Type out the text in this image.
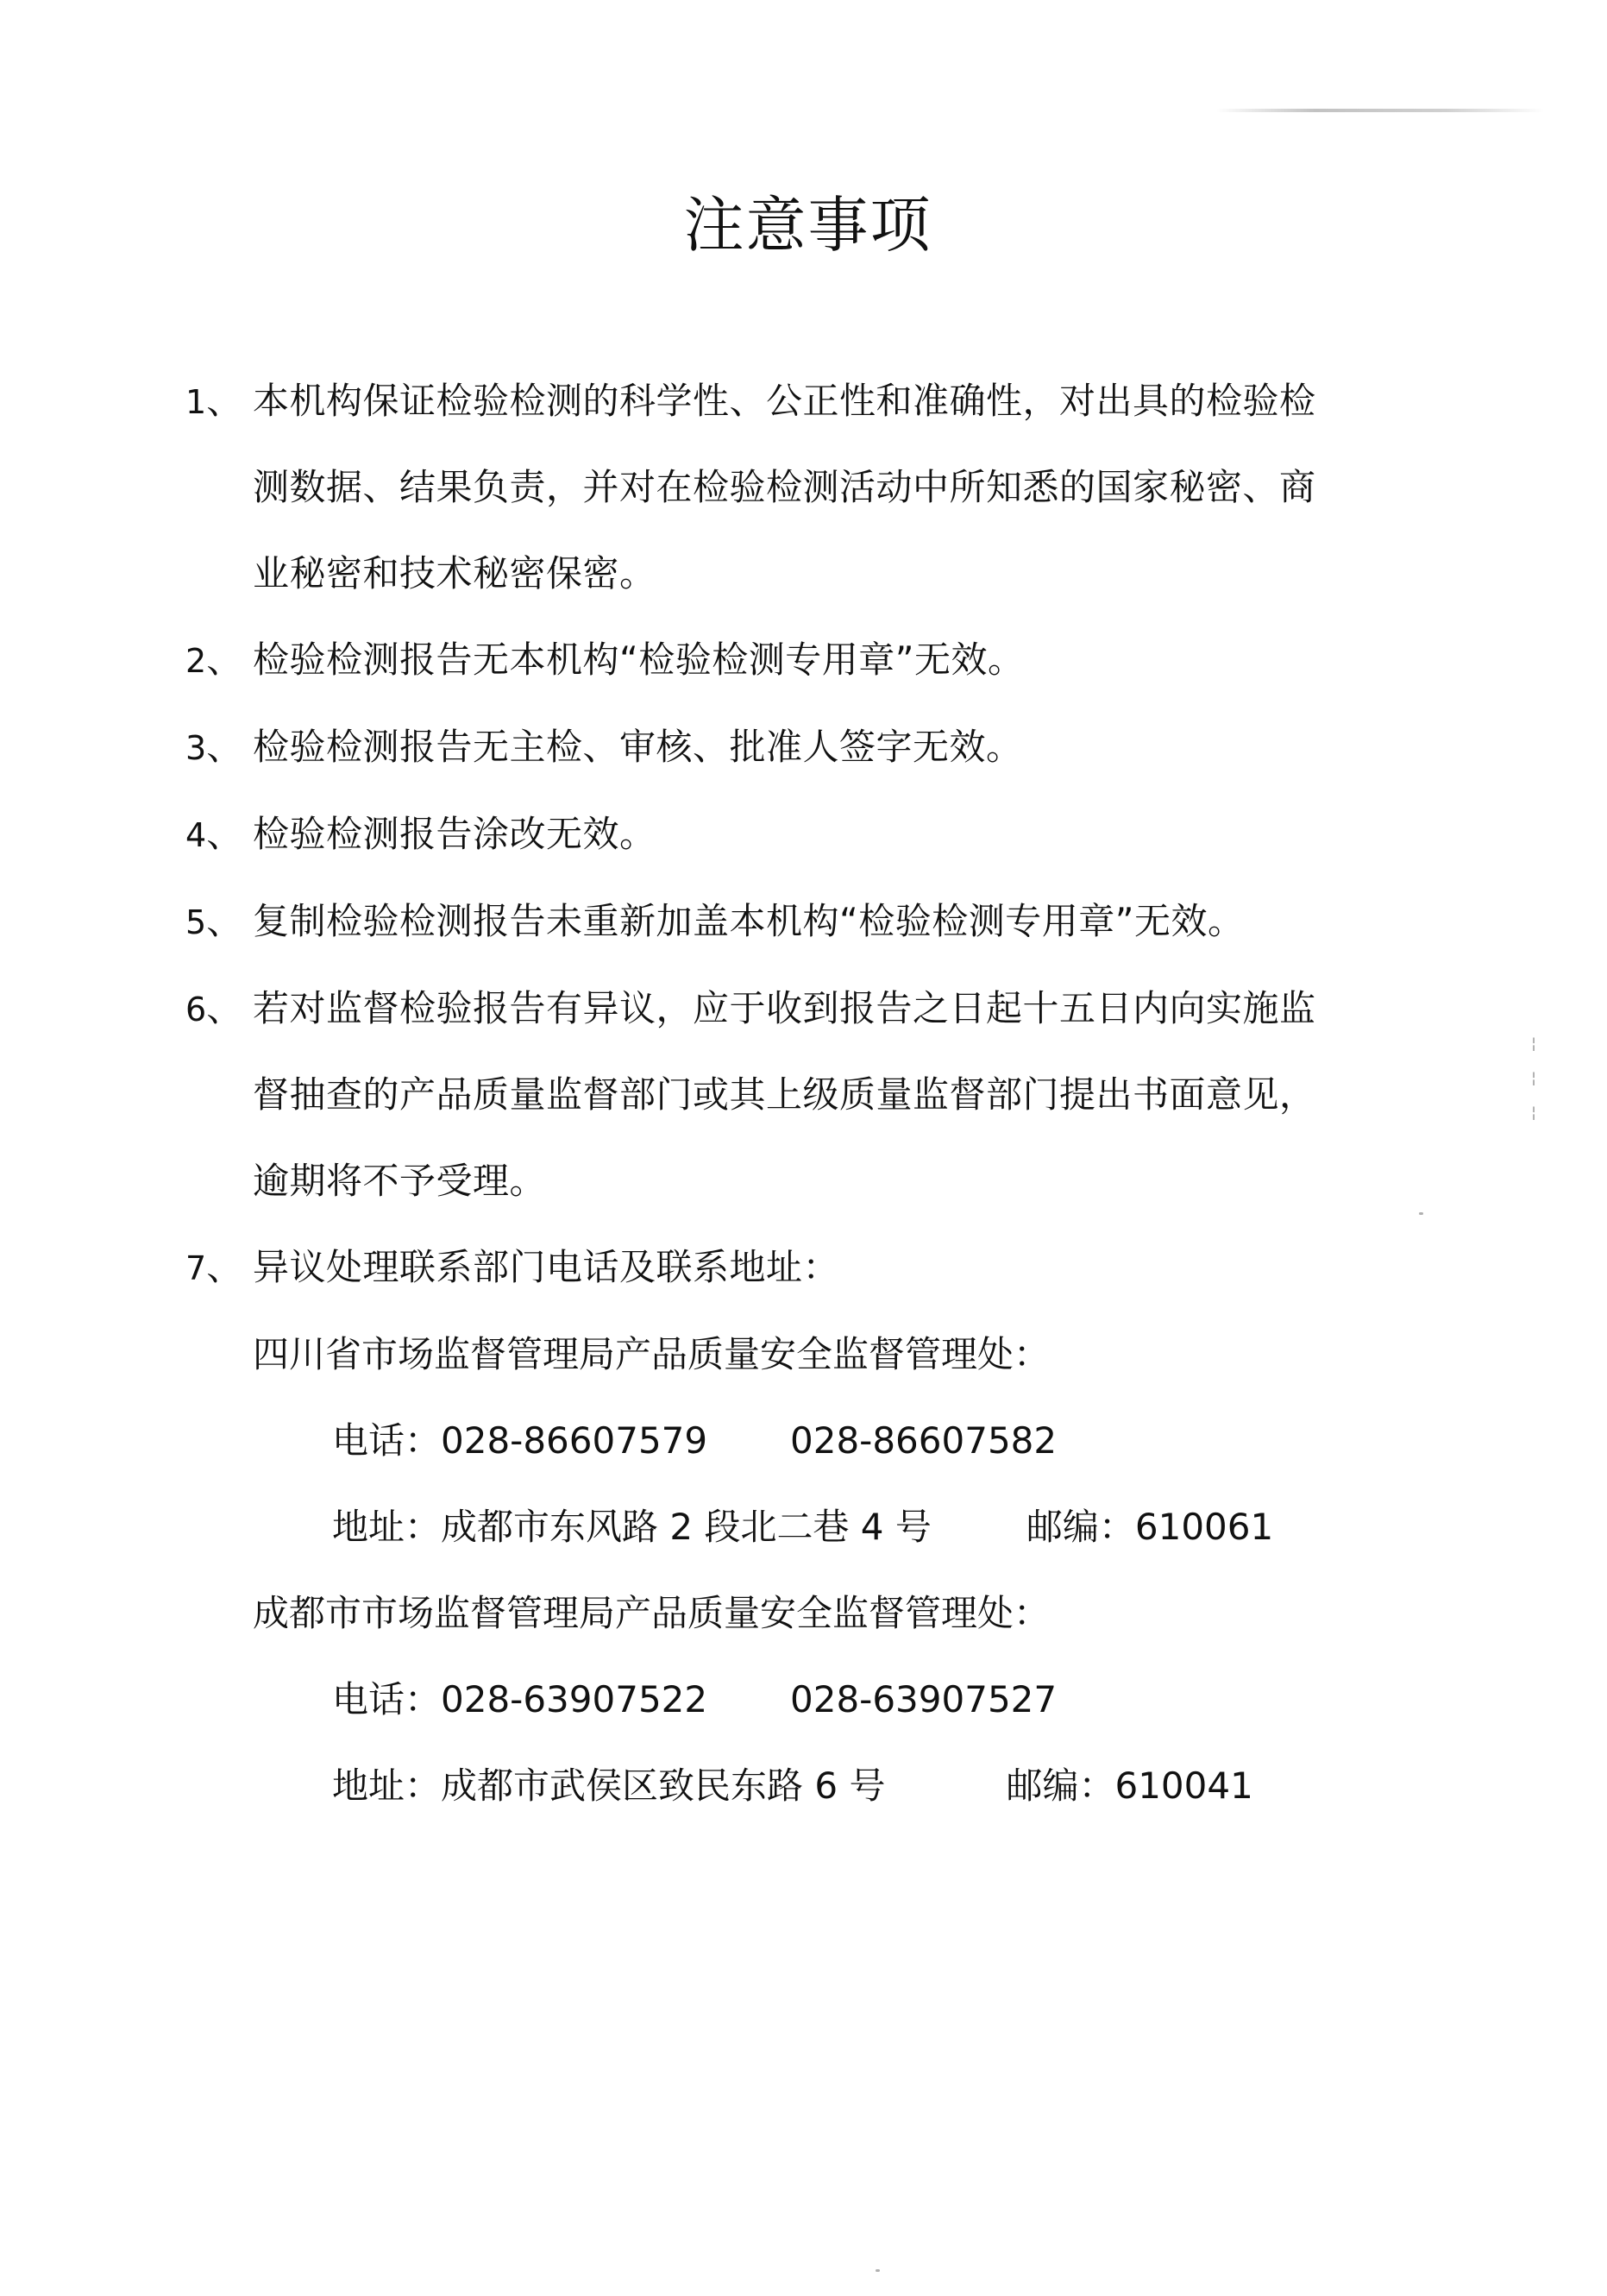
¦
¦
¦
注意事项
1、 本机构保证检验检测的科学性、公正性和准确性，对出具的检验检测数据、结果负责，并对在检验检测活动中所知悉的国家秘密、商业秘密和技术秘密保密。
2、 检验检测报告无本机构“检验检测专用章”无效。
3、 检验检测报告无主检、审核、批准人签字无效。
4、 检验检测报告涂改无效。
5、 复制检验检测报告未重新加盖本机构“检验检测专用章”无效。
6、 若对监督检验报告有异议，应于收到报告之日起十五日内向实施监督抽查的产品质量监督部门或其上级质量监督部门提出书面意见，逾期将不予受理。
7、 异议处理联系部门电话及联系地址：
四川省市场监督管理局产品质量安全监督管理处：
电话： 028-86607579	028-86607582
地址： 成都市东风路 2 段北二巷 4 号	邮编： 610061
成都市市场监督管理局产品质量安全监督管理处：
电话： 028-63907522	028-63907527
地址： 成都市武侯区致民东路 6 号	邮编： 610041
